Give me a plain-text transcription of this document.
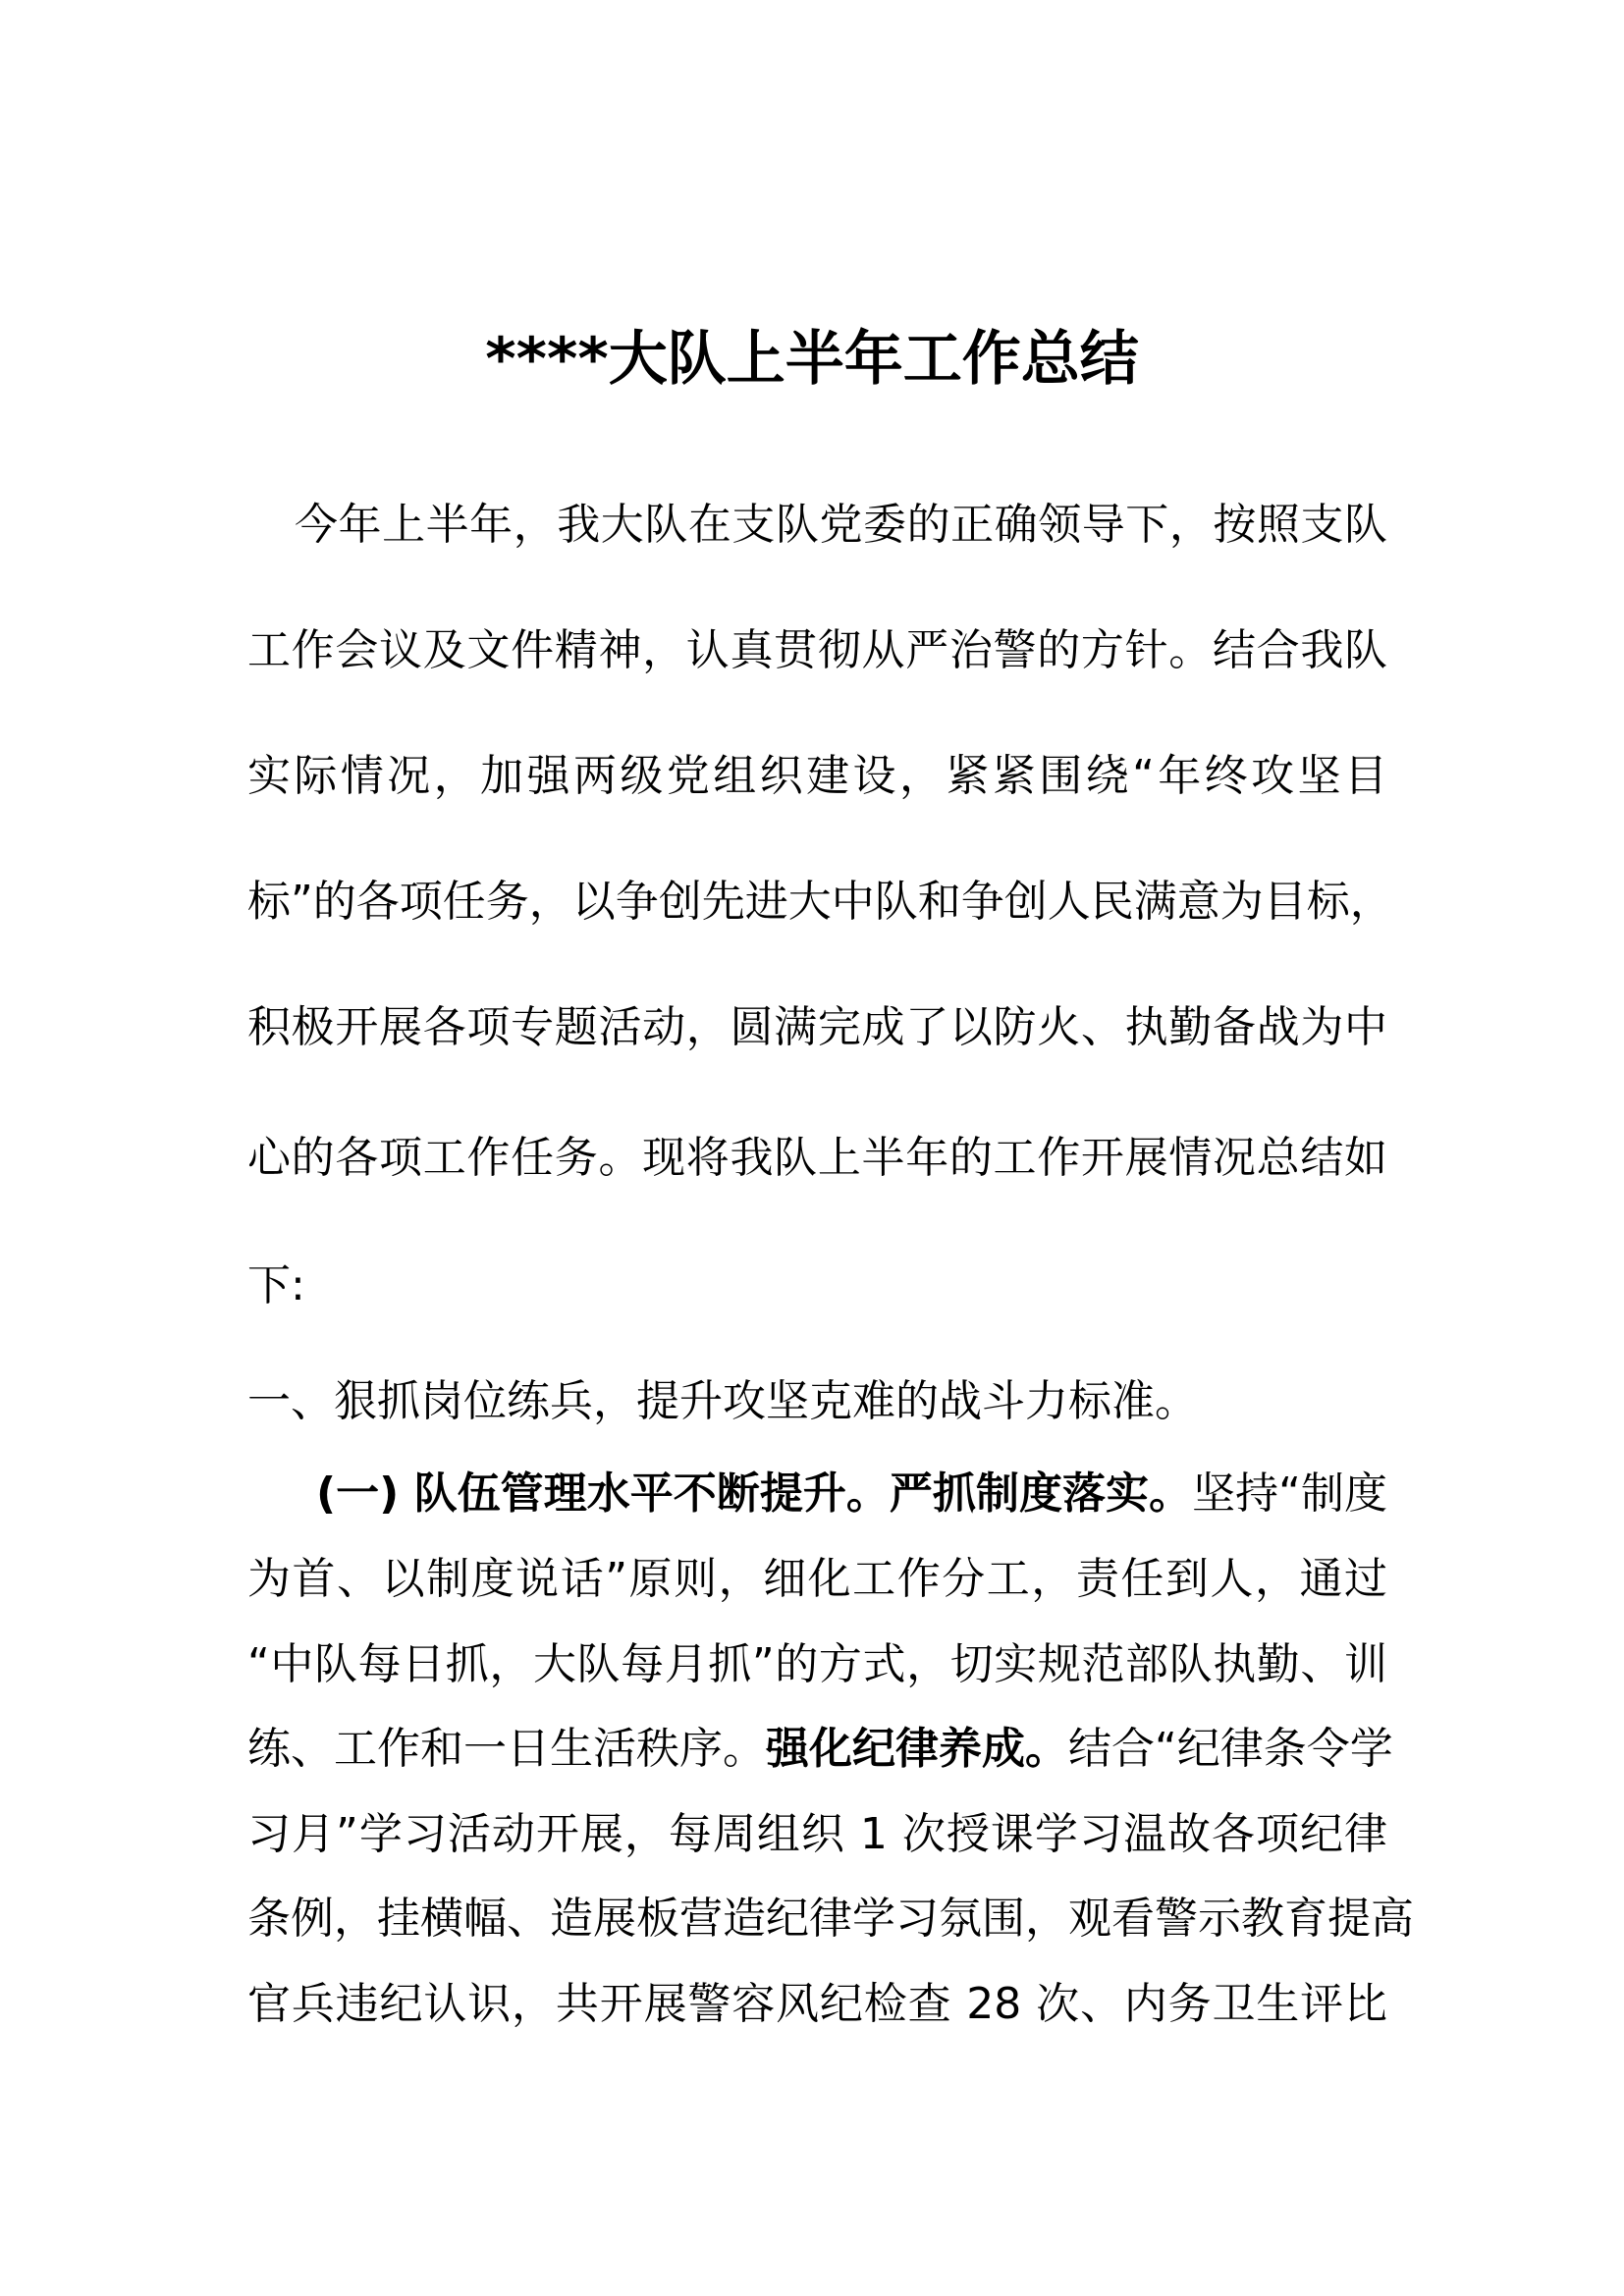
****大队上半年工作总结
今年上半年，我大队在支队党委的正确领导下，按照支队
工作会议及文件精神，认真贯彻从严治警的方针。结合我队
实际情况，加强两级党组织建设，紧紧围绕“年终攻坚目
标”的各项任务，以争创先进大中队和争创人民满意为目标，
积极开展各项专题活动，圆满完成了以防火、执勤备战为中
心的各项工作任务。现将我队上半年的工作开展情况总结如
下:
一、狠抓岗位练兵，提升攻坚克难的战斗力标准。
(一) 队伍管理水平不断提升。严抓制度落实。坚持“制度
为首、以制度说话”原则，细化工作分工，责任到人，通过
“中队每日抓，大队每月抓”的方式，切实规范部队执勤、训
练、工作和一日生活秩序。强化纪律养成。结合“纪律条令学
习月”学习活动开展，每周组织 1 次授课学习温故各项纪律
条例，挂横幅、造展板营造纪律学习氛围，观看警示教育提高
官兵违纪认识，共开展警容风纪检查 28 次、内务卫生评比
